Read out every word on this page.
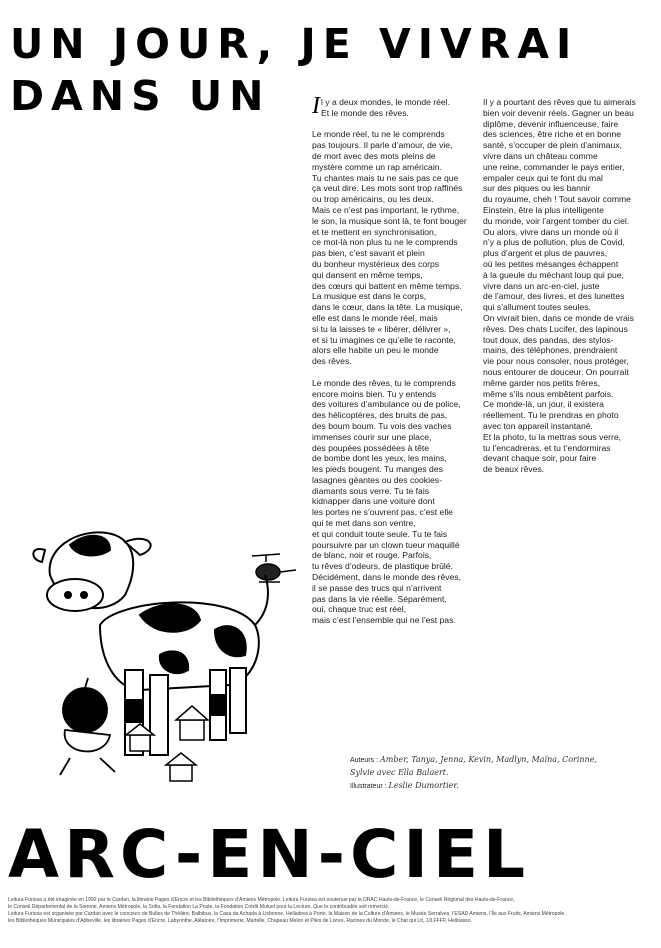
UN JOUR, JE VIVRAI DANS UN	Il y a deux mondes, le monde réel.
Et le monde des rêves.

Le monde réel, tu ne le comprends
pas toujours. Il parle d’amour, de vie,
de mort avec des mots pleins de
mystère comme un rap américain.
Tu chantes mais tu ne sais pas ce que
ça veut dire. Les mots sont trop raffinés
ou trop américains, ou les deux.
Mais ce n’est pas important, le rythme,
le son, la musique sont là, te font bouger
et te mettent en synchronisation,
ce mot-là non plus tu ne le comprends
pas bien, c’est savant et plein
du bonheur mystérieux des corps
qui dansent en même temps,
des cœurs qui battent en même temps.
La musique est dans le corps,
dans le cœur, dans la tête. La musique,
elle est dans le monde réel, mais
si tu la laisses te « libérer, délivrer »,
et si tu imagines ce qu’elle te raconte,
alors elle habite un peu le monde
des rêves.

Le monde des rêves, tu le comprends
encore moins bien. Tu y entends
des voitures d’ambulance ou de police,
des hélicoptères, des bruits de pas,
des boum boum. Tu vois des vaches
immenses courir sur une place,
des poupées possédées à tête
de bombe dont les yeux, les mains,
les pieds bougent. Tu manges des
lasagnes géantes ou des cookies-
diamants sous verre. Tu te fais
kidnapper dans une voiture dont
les portes ne s’ouvrent pas, c’est elle
qui te met dans son ventre,
et qui conduit toute seule. Tu te fais
poursuivre par un clown tueur maquillé
de blanc, noir et rouge. Parfois,
tu rêves d’odeurs, de plastique brûlé.
Décidément, dans le monde des rêves,
il se passe des trucs qui n’arrivent
pas dans la vie réelle. Séparément,
oui, chaque truc est réel,
mais c’est l’ensemble qui ne l’est pas.

Il y a pourtant des rêves que tu aimerais
bien voir devenir réels. Gagner un beau
diplôme, devenir influenceuse, faire
des sciences, être riche et en bonne
santé, s’occuper de plein d’animaux,
vivre dans un château comme
une reine, commander le pays entier,
empaler ceux qui te font du mal
sur des piques ou les bannir
du royaume, cheh ! Tout savoir comme
Einstein, être la plus intelligente
du monde, voir l’argent tomber du ciel.
Ou alors, vivre dans un monde où il
n’y a plus de pollution, plus de Covid,
plus d’argent et plus de pauvres,
où les petites mésanges échappent
à la gueule du méchant loup qui pue,
vivre dans un arc-en-ciel, juste
de l’amour, des livres, et des lunettes
qui s’allument toutes seules.
On vivrait bien, dans ce monde de vrais
rêves. Des chats Lucifer, des lapinous
tout doux, des pandas, des stylos-
mains, des téléphones, prendraient
vie pour nous consoler, nous protéger,
nous entourer de douceur. On pourrait
même garder nos petits frères,
même s’ils nous embêtent parfois.
Ce monde-là, un jour, il existera
réellement. Tu le prendras en photo
avec ton appareil instantané.
Et la photo, tu la mettras sous verre,
tu l’encadreras, et tu t’endormiras
devant chaque soir, pour faire
de beaux rêves.

Auteurs : Amber, Tanya, Jenna, Kevin, Madlyn, Maïna, Corinne,
Sylvie avec Ella Balaert.
Illustrateur : Leslie Dumortier.
ARC-EN-CIEL

Leitura Furiosa a été imaginée en 1992 par le Cardan, la librairie Pages d’Encre et les Bibliothèques d’Amiens Métropole. Leitura Furiosa est soutenue par la DRAC Hauts-de-France, le Conseil Régional des Hauts-de-France,

le Conseil Départemental de la Somme, Amiens Métropole, la Sofia, la Fondation La Poste, la Fondation Crédit Mutuel pour la Lecture. Que le contribuable soit remercié.

Leitura Furiosa est organisée par Cardan avec le concours de Bulles de Théâtre, Balbibus, la Casa da Achada à Lisbonne, Helladrea à Porto, la Maison de la Culture d’Amiens, le Musée Serralves, l’ESAD Amiens, l’Île aux Fruits, Amiens Métropole,

les Bibliothèques Municipales d’Abbeville, les librairies Pages d’Encre, Labyrinthe, Aléatoire, l’Imprimerie, Martelle, Chapeau Melon et Piles de Livres, Racines du Monde, le Chat qui Lit, JJLFFFF, Helloasso.
